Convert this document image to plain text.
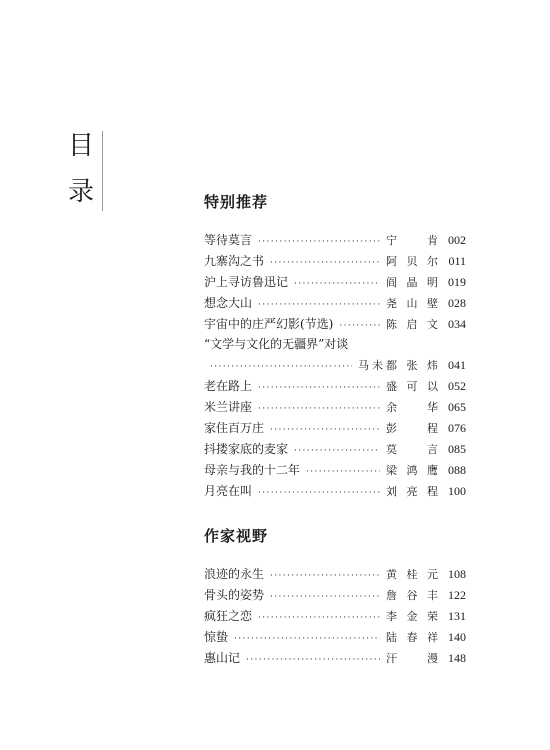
目
录	特别推荐
等待莫言 ·····	宁 肯 002
九寨沟之书 ·····	阿贝尔 011
沪上寻访鲁迅记 ·····	阎晶明 019
想念大山 ·····	尧山壁 028
宇宙中的庄严幻影(节选) ·····	陈启文 034
“文学与文化的无疆界”对谈
·····
马未都 张 炜 041
老在路上 ·····	盛可以 052
米兰讲座 ·····	余 华 065
家住百万庄 ·····	彭 程 076
抖搂家底的麦家 ·····	莫 言 085
母亲与我的十二年 ·····	梁鸿鹰 088
月亮在叫 ·····	刘亮程 100
作家视野
浪迹的永生 ·····	黄桂元 108
骨头的姿势 ·····	詹谷丰 122
疯狂之恋 ·····	李金荣 131
惊蛰 ·····	陆春祥 140
惠山记 ·····	汗 漫 148
